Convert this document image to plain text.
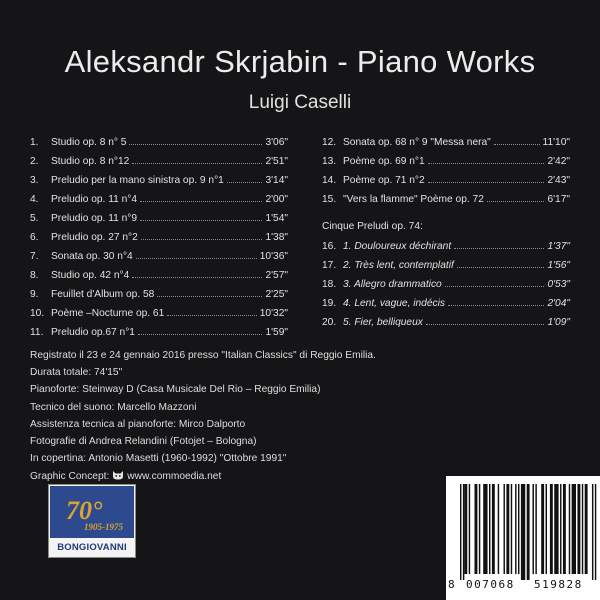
Aleksandr Skrjabin - Piano Works
Luigi Caselli
1.	Studio op. 8 n° 5	3'06"
2.	Studio op. 8 n°12	2'51"
3.	Preludio per la mano sinistra op. 9 n°1	3'14"
4.	Preludio op. 11 n°4	2'00"
5.	Preludio op. 11 n°9	1'54"
6.	Preludio op. 27 n°2	1'38"
7.	Sonata op. 30 n°4	10'36"
8.	Studio op. 42 n°4	2'57"
9.	Feuillet d'Album op. 58	2'25"
10. Poème –Nocturne op. 61	10'32"
11. Preludio op.67 n°1	1'59"
12. Sonata op. 68 n° 9 "Messa nera"	11'10"
13. Poème op. 69 n°1	2'42"
14. Poème op. 71 n°2	2'43"
15. "Vers la flamme" Poème op. 72	6'17"
Cinque Preludi op. 74:
16. 1. Douloureux déchirant	1'37"
17. 2. Très lent, contemplatif	1'56"
18. 3. Allegro drammatico	0'53"
19. 4. Lent, vague, indécis	2'04"
20. 5. Fier, belliqueux	1'09"
Registrato il 23 e 24 gennaio 2016 presso "Italian Classics" di Reggio Emilia.
Durata totale: 74'15"
Pianoforte: Steinway D (Casa Musicale Del Rio – Reggio Emilia)
Tecnico del suono: Marcello Mazzoni
Assistenza tecnica al pianoforte: Mirco Dalporto
Fotografie di Andrea Relandini (Fotojet – Bologna)
In copertina: Antonio Masetti (1960-1992) "Ottobre 1991"
Graphic Concept: www.commoedia.net
70°
1905-1975
BONGIOVANNI
8 007068 519828
